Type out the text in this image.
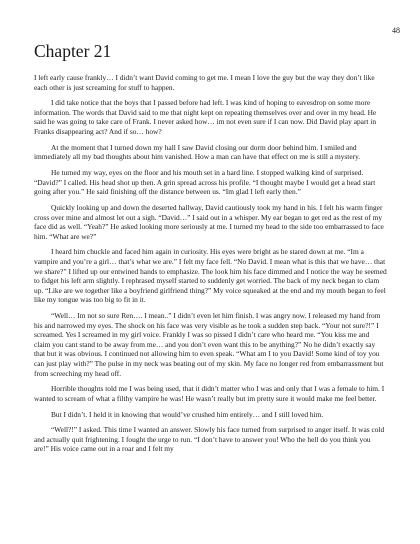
48
Chapter 21

I left early cause frankly… I didn’t want David coming to get me. I mean I love the guy but the way they don’t like each other is just screaming for stuff to happen.

I did take notice that the boys that I passed before had left. I was kind of hoping to eavesdrop on some more information. The words that David said to me that night kept on repeating themselves over and over in my head. He said he was going to take care of Frank. I never asked how… im not even sure if I can now. Did David play apart in Franks disappearing act? And if so… how?

At the moment that I turned down my hall I saw David closing our dorm door behind him. I smiled and immediately all my bad thoughts about him vanished. How a man can have that effect on me is still a mystery.

He turned my way, eyes on the floor and his mouth set in a hard line. I stopped walking kind of surprised. “David?” I called. His head shot up then. A grin spread across his profile. “I thought maybe I would get a head start going after you.” He said finishing off the distance between us. “Im glad I left early then.”

Quickly looking up and down the deserted hallway, David cautiously took my hand in his. I felt his warm finger cross over mine and almost let out a sigh. “David…” I said out in a whisper. My ear began to get red as the rest of my face did as well. “Yeah?” He asked looking more seriously at me. I turned my head to the side too embarrassed to face him. “What are we?”

I heard him chuckle and faced him again in curiosity. His eyes were bright as he stared down at me. “Im a vampire and you’re a girl… that’s what we are.” I felt my face fell. “No David. I mean what is this that we have… that we share?” I lifted up our entwined hands to emphasize. The look him his face dimmed and I notice the way he seemed to fidget his left arm slightly. I rephrased myself started to suddenly get worried. The back of my neck began to clam up. “Like are we together like a boyfriend girlfriend thing?” My voice squeaked at the end and my mouth began to feel like my tongue was too big to fit in it.

“Well… Im not so sure Ren…. I mean..” I didn’t even let him finish. I was angry now. I released my hand from his and narrowed my eyes. The shock on his face was very visible as he took a sudden step back. “Your not sure?!” I screamed. Yes I screamed in my girl voice. Frankly I was so pissed I didn’t care who heard me. “You kiss me and claim you cant stand to be away from me… and you don’t even want this to be anything?” No he didn’t exactly say that but it was obvious. I continued not allowing him to even speak. “What am I to you David! Some kind of toy you can just play with?” The pulse in my neck was beating out of my skin. My face no longer red from embarrassment but from screeching my head off.

Horrible thoughts told me I was being used, that it didn’t matter who I was and only that I was a female to him. I wanted to scream of what a filthy vampire he was! He wasn’t really but im pretty sure it would make me feel better.

But I didn’t. I held it in knowing that would’ve crushed him entirely… and I still loved him.

“Well?!” I asked. This time I wanted an answer. Slowly his face turned from surprised to anger itself. It was cold and actually quit frightening. I fought the urge to run. “I don’t have to answer you! Who the hell do you think you are!” His voice came out in a roar and I felt my
